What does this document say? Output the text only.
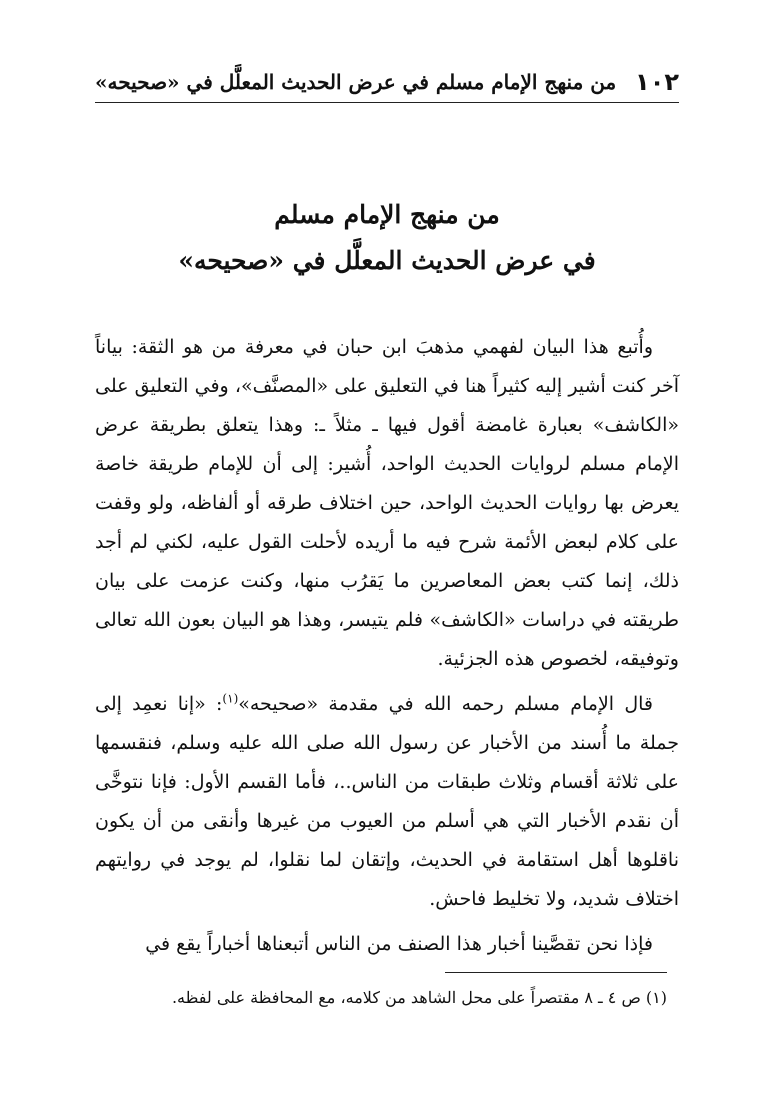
١٠٢
من منهج الإمام مسلم في عرض الحديث المعلَّل في «صحيحه»
من منهج الإمام مسلم
في عرض الحديث المعلَّل في «صحيحه»

وأُتبع هذا البيان لفهمي مذهبَ ابن حبان في معرفة من هو الثقة: بياناً آخر كنت أشير إليه كثيراً هنا في التعليق على «المصنَّف»، وفي التعليق على «الكاشف» بعبارة غامضة أقول فيها ـ مثلاً ـ: وهذا يتعلق بطريقة عرض الإمام مسلم لروايات الحديث الواحد، أُشير: إلى أن للإمام طريقة خاصة يعرض بها روايات الحديث الواحد، حين اختلاف طرقه أو ألفاظه، ولو وقفت على كلام لبعض الأئمة شرح فيه ما أريده لأحلت القول عليه، لكني لم أجد ذلك، إنما كتب بعض المعاصرين ما يَقرُب منها، وكنت عزمت على بيان طريقته في دراسات «الكاشف» فلم يتيسر، وهذا هو البيان بعون الله تعالى وتوفيقه، لخصوص هذه الجزئية.

قال الإمام مسلم رحمه الله في مقدمة «صحيحه»$^{(١)}$: «إنا نعمِد إلى جملة ما أُسند من الأخبار عن رسول الله صلى الله عليه وسلم، فنقسمها على ثلاثة أقسام وثلاث طبقات من الناس..، فأما القسم الأول: فإنا نتوخَّى أن نقدم الأخبار التي هي أسلم من العيوب من غيرها وأنقى من أن يكون ناقلوها أهل استقامة في الحديث، وإتقان لما نقلوا، لم يوجد في روايتهم اختلاف شديد، ولا تخليط فاحش.

فإذا نحن تقصَّينا أخبار هذا الصنف من الناس أتبعناها أخباراً يقع في

(١) ص ٤ ـ ٨ مقتصراً على محل الشاهد من كلامه، مع المحافظة على لفظه.
